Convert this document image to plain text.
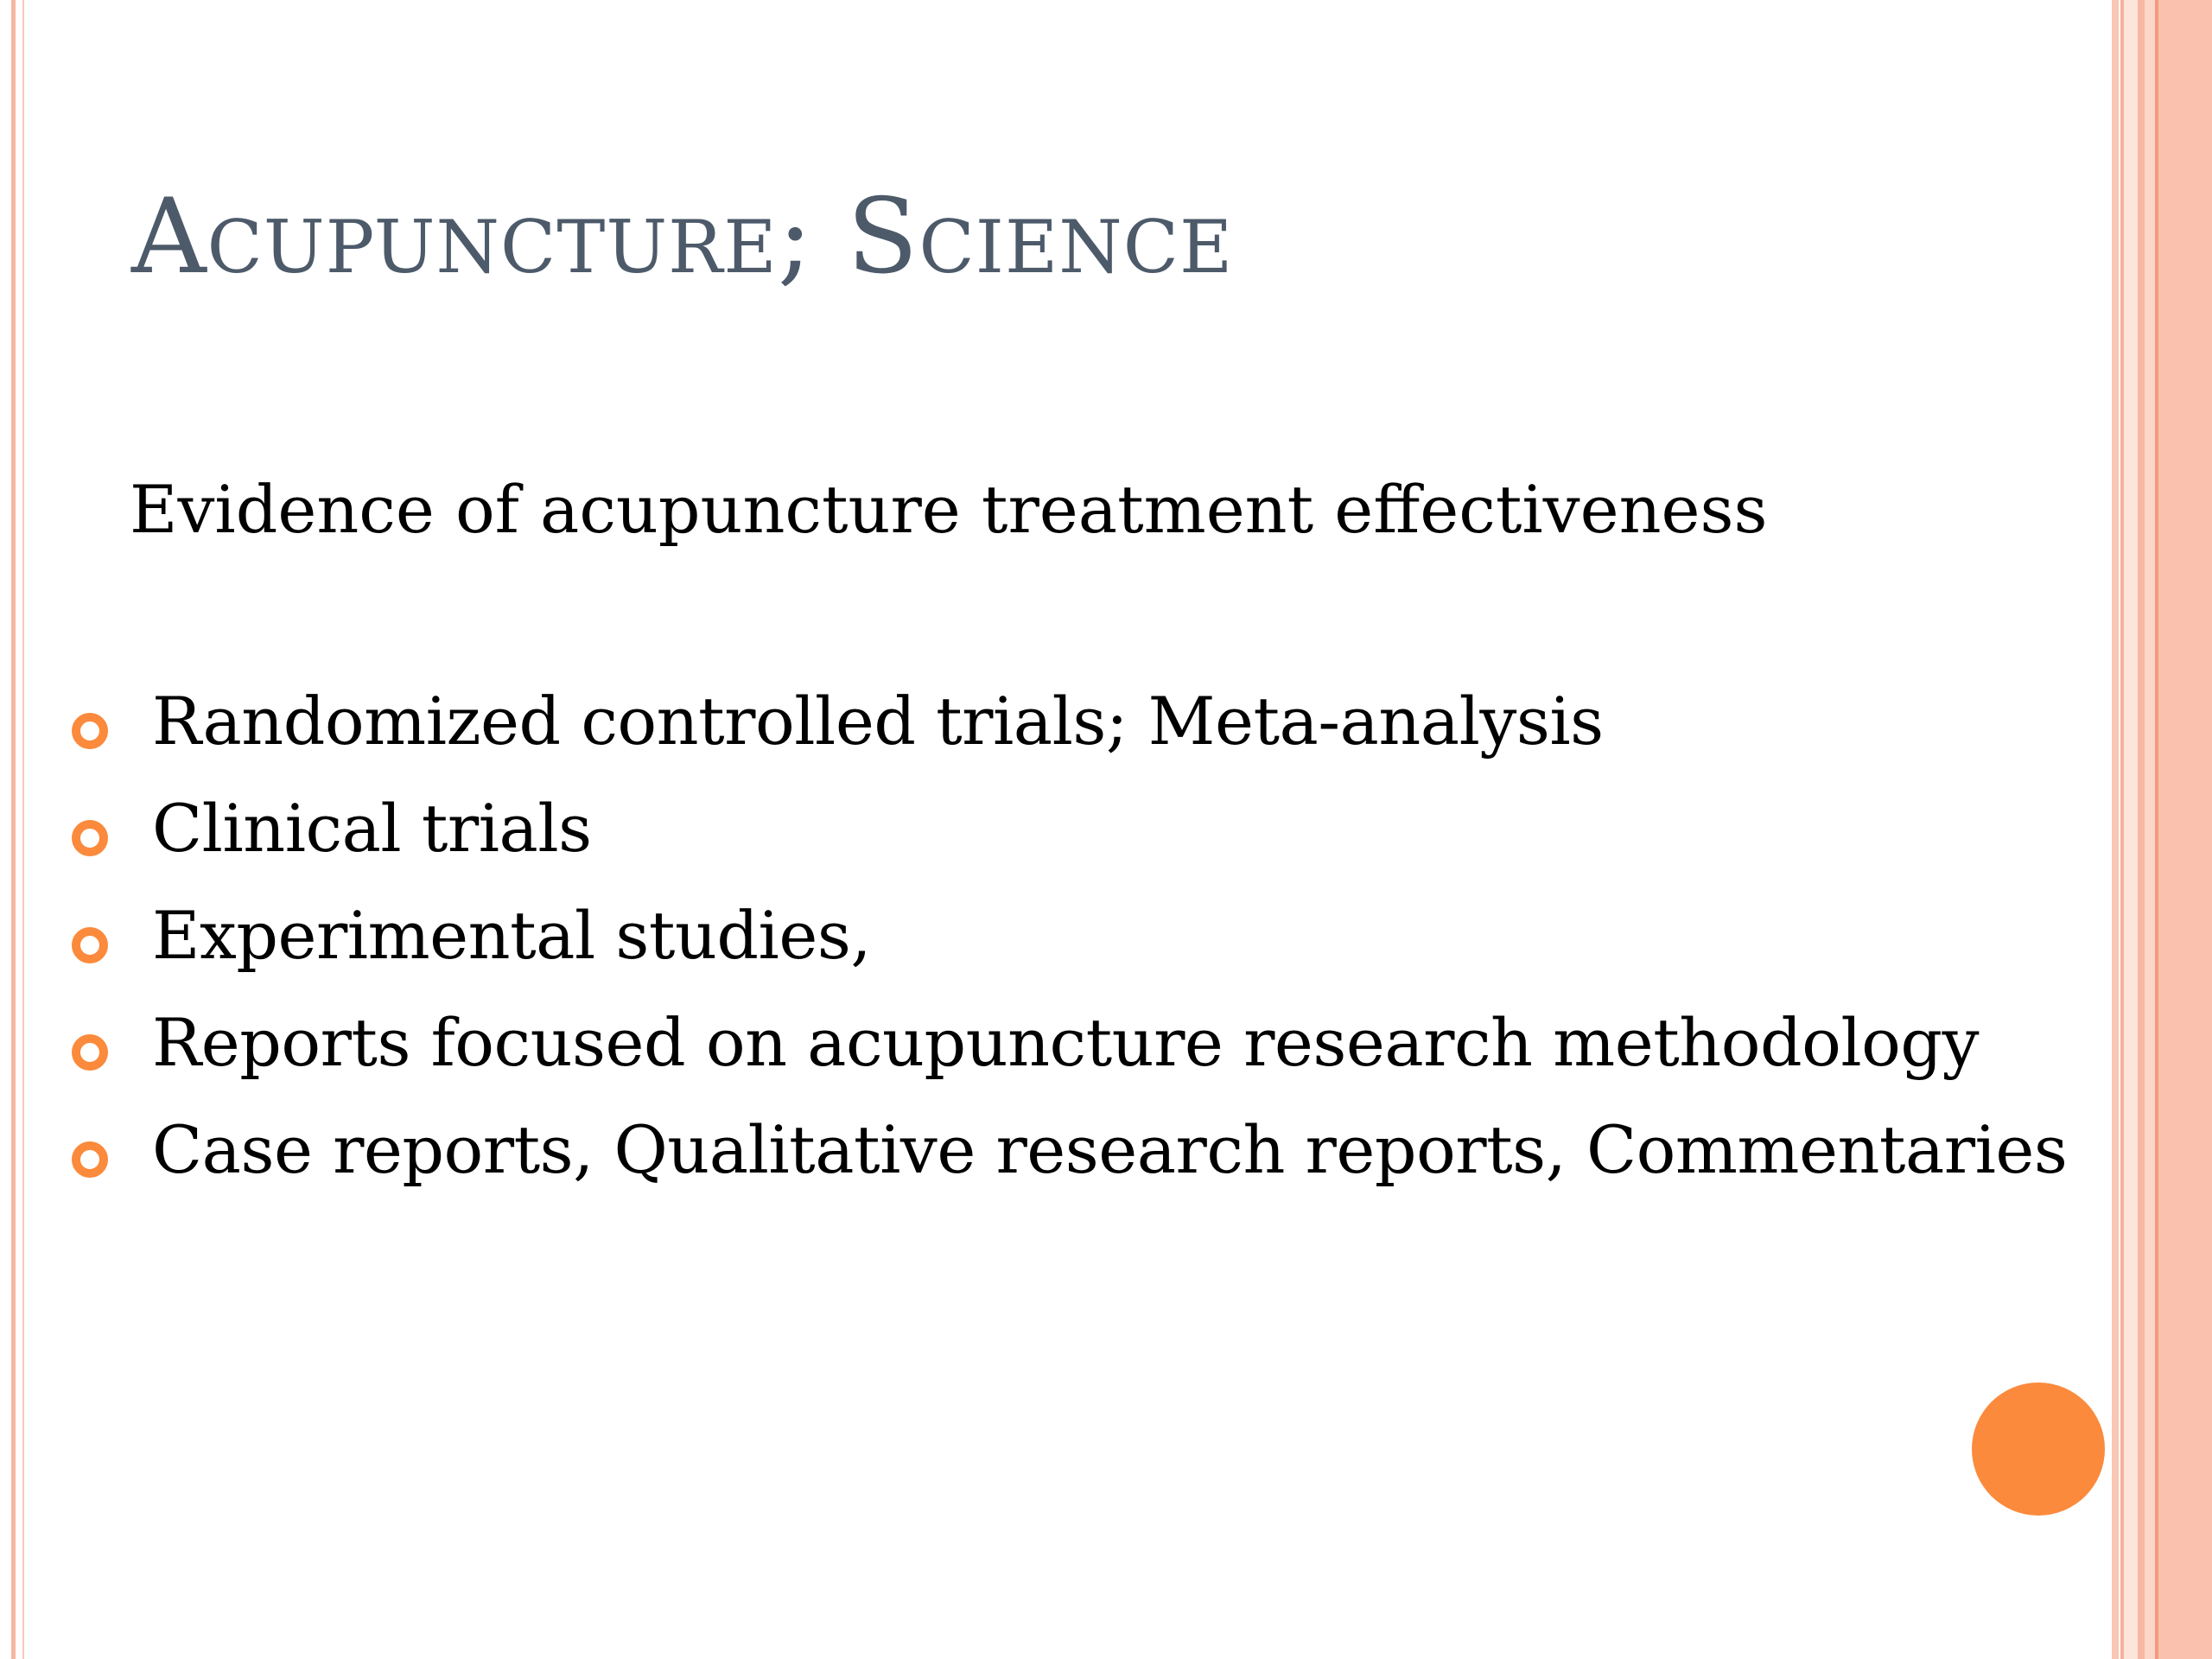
Acupuncture; Science

Evidence of acupuncture treatment effectiveness

Randomized controlled trials; Meta-analysis
Clinical trials
Experimental studies,
Reports focused on acupuncture research methodology
Case reports, Qualitative research reports, Commentaries
